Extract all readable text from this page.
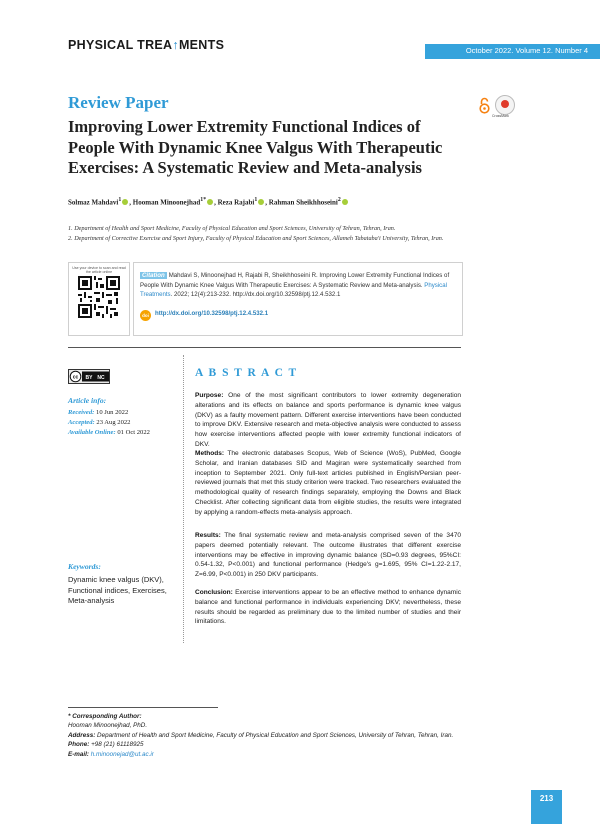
PHYSICAL TREA↑MENTS	October 2022. Volume 12. Number 4
Review Paper
Improving Lower Extremity Functional Indices of People With Dynamic Knee Valgus With Therapeutic Exercises: A Systematic Review and Meta-analysis
CrossMark
Solmaz Mahdavi$^1$ , Hooman Minoonejhad$^{1*}$ , Reza Rajabi$^1$ , Rahman Sheikhhoseini$^2$
1. Department of Health and Sport Medicine, Faculty of Physical Education and Sport Sciences, University of Tehran, Tehran, Iran.
2. Department of Corrective Exercise and Sport Injury, Faculty of Physical Education and Sport Sciences, Allameh Tabataba'i University, Tehran, Iran.
Use your device to scan and read the article online	Citation Mahdavi S, Minoonejhad H, Rajabi R, Sheikhhoseini R. Improving Lower Extremity Functional Indices of People With Dynamic Knee Valgus With Therapeutic Exercises: A Systematic Review and Meta-analysis. Physical Treatments. 2022; 12(4):213-232. http://dx.doi.org/10.32598/ptj.12.4.532.1
doi http://dx.doi.org/10.32598/ptj.12.4.532.1
cc BY NC
Article info:
Received: 10 Jun 2022
Accepted: 23 Aug 2022
Available Online: 01 Oct 2022
Keywords:
Dynamic knee valgus (DKV), Functional indices, Exercises, Meta-analysis
A B S T R A C T
Purpose: One of the most significant contributors to lower extremity degeneration alterations and its effects on balance and sports performance is dynamic knee valgus (DKV) as a faulty movement pattern. Different exercise interventions have been conducted to improve DKV. Extensive research and meta-objective analysis were conducted to assess how exercise interventions affected people with lower extremity functional indicators of DKV.
Methods: The electronic databases Scopus, Web of Science (WoS), PubMed, Google Scholar, and Iranian databases SID and Magiran were systematically searched from inception to September 2021. Only full-text articles published in English/Persian peer-reviewed journals that met this study criterion were tracked. Two researchers evaluated the methodological quality of research findings separately, employing the Downs and Black Checklist. After collecting significant data from eligible studies, the results were integrated by applying a random-effects meta-analysis approach.
Results: The final systematic review and meta-analysis comprised seven of the 3470 papers deemed potentially relevant. The outcome illustrates that different exercise interventions may be effective in improving dynamic balance (SD=0.93 degrees, 95%CI: 0.54-1.32, P<0.001) and functional performance (Hedge's g=1.695, 95% CI=1.22-2.17, Z=6.99, P<0.001) in 250 DKV participants.
Conclusion: Exercise interventions appear to be an effective method to enhance dynamic balance and functional performance in individuals experiencing DKV; nevertheless, these results should be regarded as preliminary due to the limited number of studies and their limitations.
* Corresponding Author:
Hooman Minoonejhad, PhD.
Address: Department of Health and Sport Medicine, Faculty of Physical Education and Sport Sciences, University of Tehran, Tehran, Iran.
Phone: +98 (21) 61118925
E-mail: h.minoonejad@ut.ac.ir
213
